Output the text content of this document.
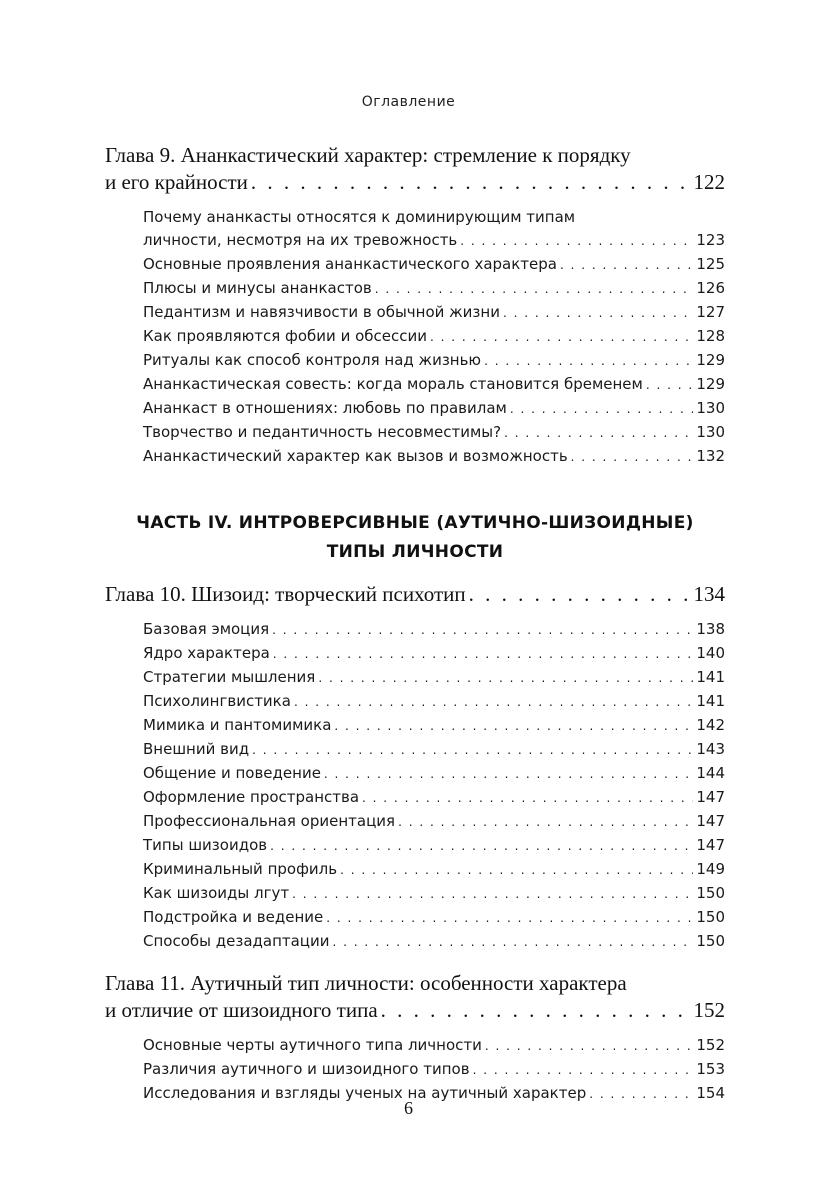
Оглавление
Глава 9. Ананкастический характер: стремление к порядку
и его крайности . . .	122
Почему ананкасты относятся к доминирующим типам
личности, несмотря на их тревожность . . .	123
Основные проявления ананкастического характера . . .	125
Плюсы и минусы ананкастов . . .	126
Педантизм и навязчивости в обычной жизни . . .	127
Как проявляются фобии и обсессии . . .	128
Ритуалы как способ контроля над жизнью . . .	129
Ананкастическая совесть: когда мораль становится бременем . . .	129
Ананкаст в отношениях: любовь по правилам . . .	130
Творчество и педантичность несовместимы? . . .	130
Ананкастический характер как вызов и возможность . . .	132
ЧАСТЬ IV. ИНТРОВЕРСИВНЫЕ (АУТИЧНО-ШИЗОИДНЫЕ)
ТИПЫ ЛИЧНОСТИ
Глава 10. Шизоид: творческий психотип . . .	134
Базовая эмоция . . .	138
Ядро характера . . .	140
Стратегии мышления . . .	141
Психолингвистика . . .	141
Мимика и пантомимика . . .	142
Внешний вид . . .	143
Общение и поведение . . .	144
Оформление пространства . . .	147
Профессиональная ориентация . . .	147
Типы шизоидов . . .	147
Криминальный профиль . . .	149
Как шизоиды лгут . . .	150
Подстройка и ведение . . .	150
Способы дезадаптации . . .	150
Глава 11. Аутичный тип личности: особенности характера
и отличие от шизоидного типа . . .	152
Основные черты аутичного типа личности . . .	152
Различия аутичного и шизоидного типов . . .	153
Исследования и взгляды ученых на аутичный характер . . .	154
6
